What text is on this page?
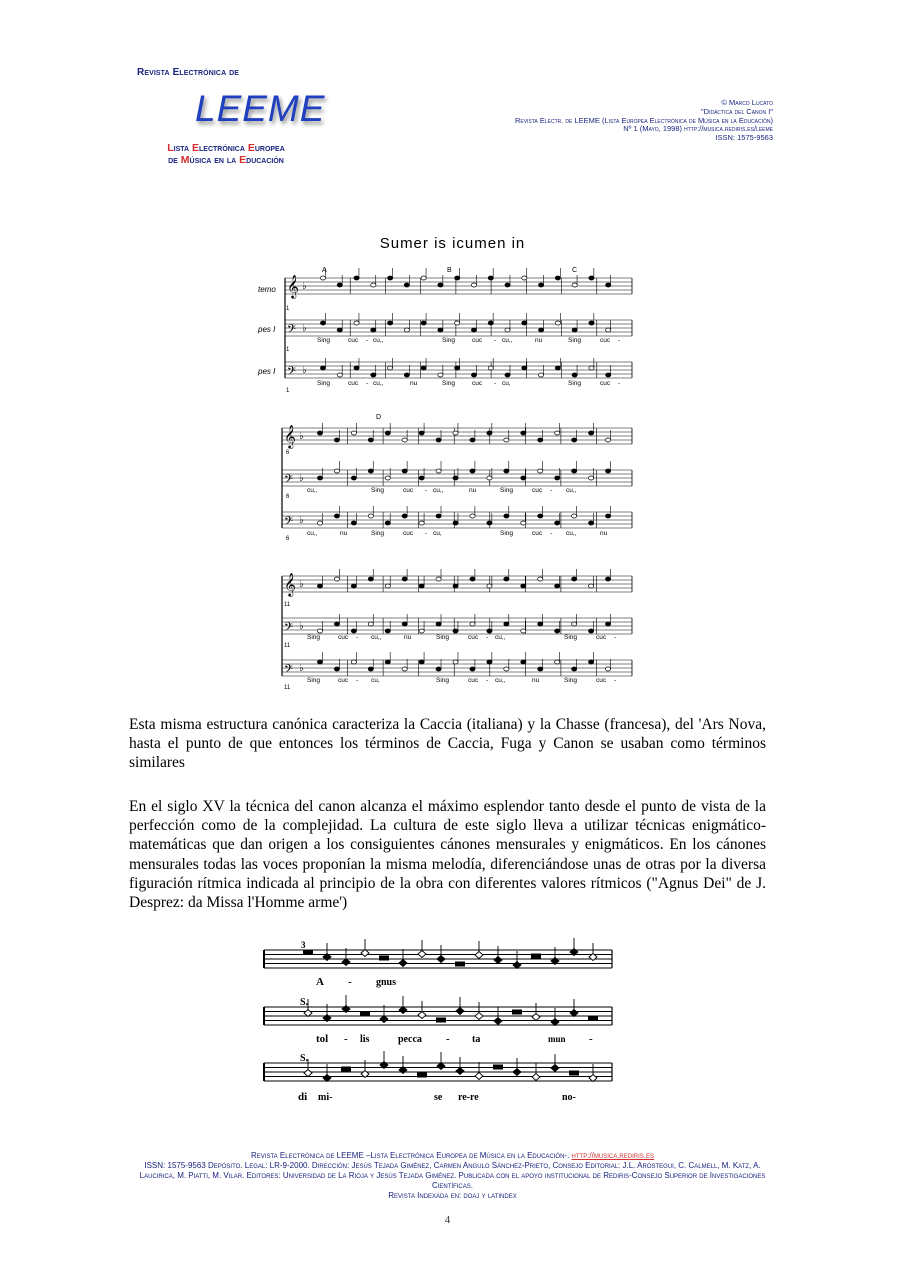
Revista Electrónica de
LEEME
Lista Electrónica Europea
de Música en la Educación
© Marco Lucato
"Didáctica del Canon I"
Revista Electr. de LEEME (Lista Europea Electrónica de Música en la Educación)
Nº 1 (Mayo, 1998) http://musica.rediris.es/leeme
ISSN: 1575-9563
Sumer is icumen in
A	B	C
D
temo
pes I
pes I
1
1
1
6
6
6
11
11
11
Sing	cuc - cu,,	Sing	cuc - cu,,	nu	Sing	cuc -
Sing	cuc - cu,,	nu	Sing	cuc - cu,	Sing	cuc -
cu,,	Sing	cuc - cu,,	nu	Sing	cuc - cu,,
cu,,	nu	Sing	cuc - cu,	Sing	cuc - cu,,	nu
Sing	cuc - cu,,	nu	Sing	cuc - cu,,	Sing	cuc -
Sing	cuc - cu,	Sing	cuc - cu,,	nu	Sing	cuc -
𝄞 ♭
𝄢 ♭
𝄢 ♭
𝄞 ♭
𝄢 ♭
𝄢 ♭
𝄞 ♭
𝄢 ♭
𝄢 ♭
Esta misma estructura canónica caracteriza la Caccia (italiana) y la Chasse (francesa), del 'Ars Nova, hasta el punto de que entonces los términos de Caccia, Fuga y Canon se usaban como términos similares
En el siglo XV la técnica del canon alcanza el máximo esplendor tanto desde el punto de vista de la perfección como de la complejidad. La cultura de este siglo lleva a utilizar técnicas enigmático-matemáticas que dan origen a los consiguientes cánones mensurales y enigmáticos. En los cánones mensurales todas las voces proponían la misma melodía, diferenciándose unas de otras por la diversa figuración rítmica indicada al principio de la obra con diferentes valores rítmicos ("Agnus Dei" de J. Desprez: da Missa l'Homme arme')
3
S.
S.
A - gnus
tol - lis	pecca - ta	mun -
di mi-	se re-re	no-
Revista Electrónica de LEEME –Lista Electrónica Europea de Música en la Educación-. http://musica.rediris.es
ISSN: 1575-9563 Depósito. Legal: LR-9-2000. Dirección: Jesús Tejada Giménez, Carmen Angulo Sánchez-Prieto, Consejo Editorial: J.L. Aróstegui, C. Calmell, M. Katz, A. Laucirica, M. Piatti, M. Vilar. Editores: Universidad de La Rioja y Jesús Tejada Giménez. Publicada con el apoyo institucional de Rediris-Consejo Superior de Investigaciones Científicas.
Revista Indexada en: doaj y latindex
4
